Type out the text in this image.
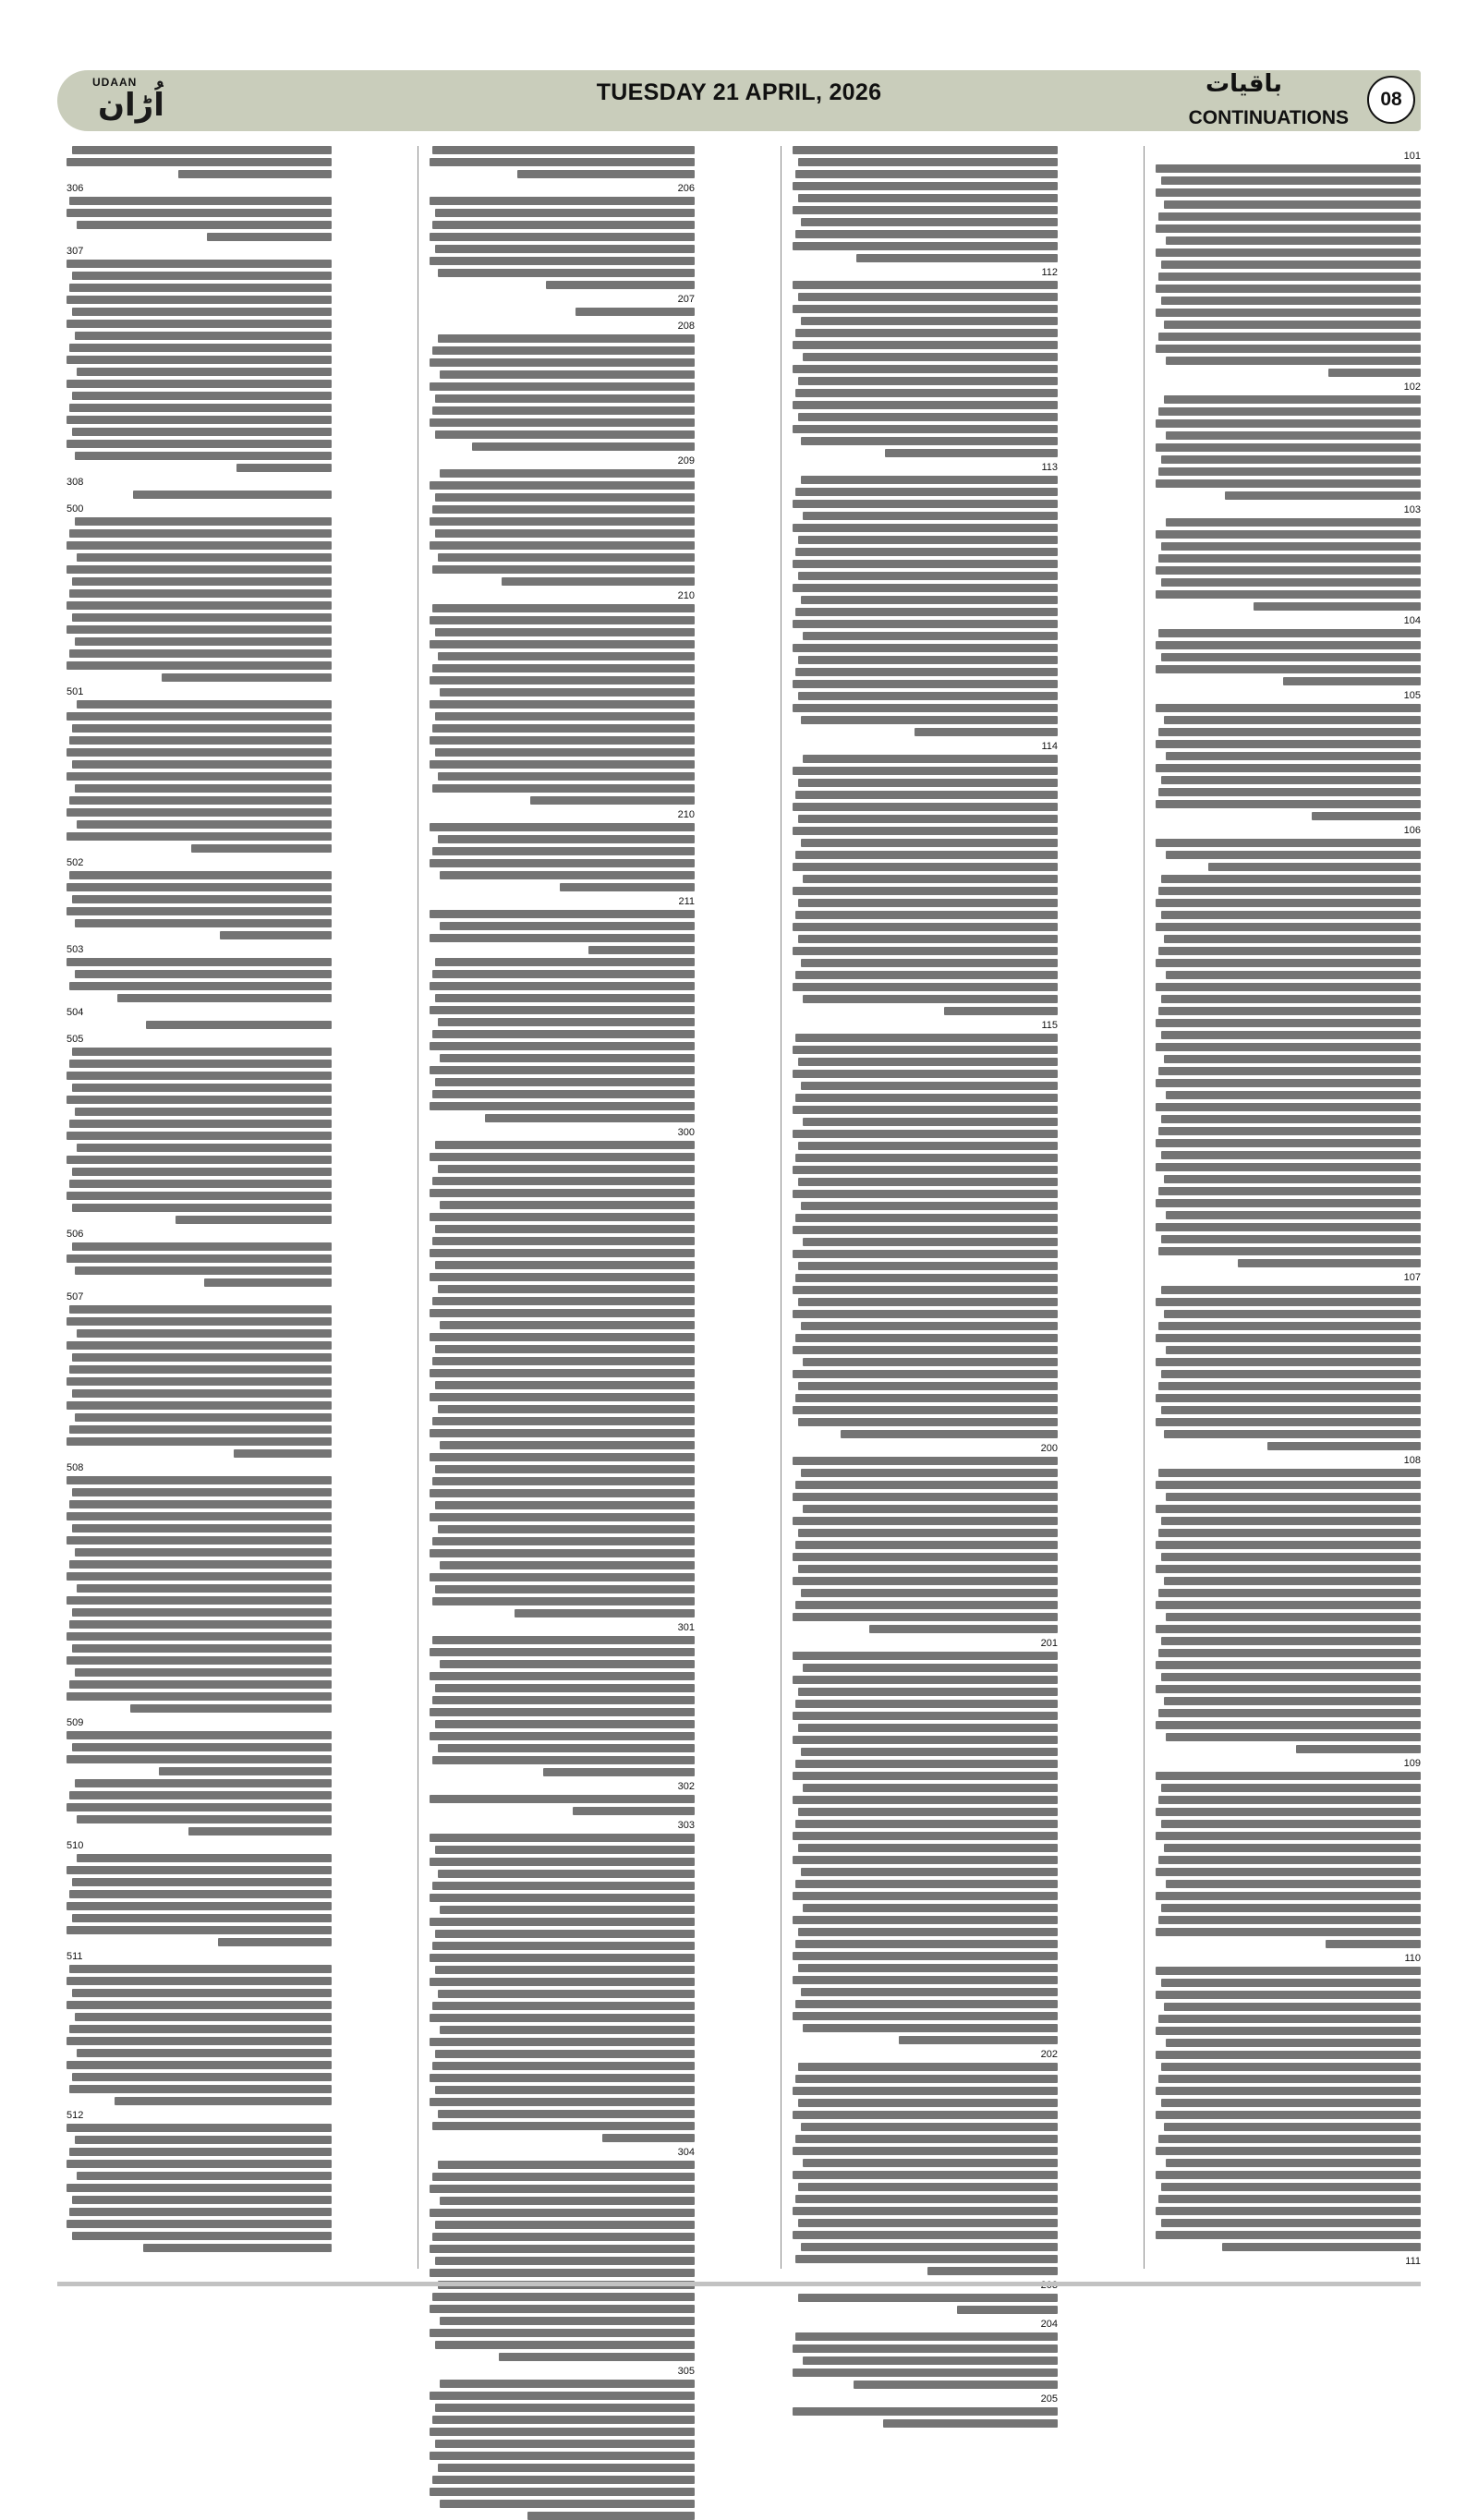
UDAAN
اُڑان	TUESDAY 21 APRIL, 2026	باقیات
CONTINUATIONS
08
101
102
103
104
105
106
107
108
109
110
111
112
113
114
115
200
201
202
204
205
206
207
208
209
210
210
211
300
301
302
303
304
305
306
307
308
500
501
502
503
504
505
506
507
508
509
510
511
512
